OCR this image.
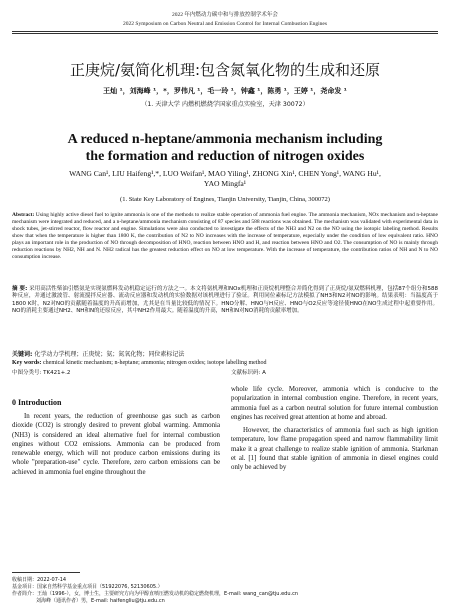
2022 年内燃动力碳中和与排放控制学术年会
2022 Symposium on Carbon Neutral and Emission Control for Internal Combustion Engines
正庚烷/氨简化机理:包含氮氧化物的生成和还原
王灿 ¹，刘海峰 ¹，*，罗伟凡 ¹，毛一玲 ¹，钟鑫 ¹，陈勇 ¹，王婷 ¹，尧命发 ¹
（1. 天津大学 内燃机燃烧学国家重点实验室，天津 30072）
A reduced n-heptane/ammonia mechanism including
the formation and reduction of nitrogen oxides
WANG Can¹, LIU Haifeng¹,*, LUO Weifan¹, MAO Yiling¹, ZHONG Xin¹, CHEN Yong¹, WANG Hu¹, YAO Mingfa¹
(1. State Key Laboratory of Engines, Tianjin University, Tianjin, China, 300072)
Abstract: Using highly active diesel fuel to ignite ammonia is one of the methods to realize stable operation of ammonia fuel engine. The ammonia mechanism, NOx mechanism and n-heptane mechanism were integrated and reduced, and a n-heptane/ammonia mechanism consisting of 87 species and 588 reactions was obtained. The mechanism was validated with experimental data in shock tubes, jet-stirred reactor, flow reactor and engine. Simulations were also conducted to investigate the effects of the NH3 and N2 on the NO using the isotopic labeling method. Results show that when the temperature is higher than 1800 K, the contribution of N2 to NO increases with the increase of temperature, especially under the condition of low equivalent ratio. HNO plays an important role in the production of NO through decomposition of HNO, reaction between HNO and H, and reaction between HNO and O2. The consumption of NO is mainly through reduction reactions by NH2, NH and N. NH2 radical has the greatest reduction effect on NO at low temperature. With the increase of temperature, the contribution ratios of NH and N to NO consumption increase.
摘 要: 采用高活性柴油引燃氨是实现氨燃料发动机稳定运行的方法之一。本文将氨机理和NOx机理和正庚烷机理整合并简化得到了正庚烷/氨双燃料机理，包括87个组分和588种反应，并通过激波管、射流搅拌反应器、流动反应器和发动机的实验数据对该机理进行了验证。利用同位素标记方法模拟了NH3和N2对NO的影响。结果表明：当温度高于1800 K时，N2对NO的贡献随着温度的升高而增加，尤其是在当量比较低的情况下。HNO分解、HNO与H反应、HNO与O2反应等途径使HNO在NO生成过程中起重要作用。NO的消耗主要通过NH2、NH和N的还原反应，其中NH2作用最大。随着温度的升高，NH和N对NO消耗的贡献率增加。
关键词: 化学动力学机理；正庚烷；氨；氮氧化物；同位素标记法
Key words: chemical kinetic mechanism; n-heptane; ammonia; nitrogen oxides; isotope labelling method
中图分类号: TK421+.2	文献标识码: A
0 Introduction

In recent years, the reduction of greenhouse gas such as carbon dioxide (CO2) is strongly desired to prevent global warming. Ammonia (NH3) is considered an ideal alternative fuel for internal combustion engines without CO2 emissions. Ammonia can be produced from renewable energy, which will not produce carbon emissions during its whole "preparation-use" cycle. Therefore, zero carbon emissions can be achieved in ammonia fuel engine throughout the

whole life cycle. Moreover, ammonia which is conducive to the popularization in internal combustion engine. Therefore, in recent years, ammonia fuel as a carbon neutral solution for future internal combustion engines has received great attention at home and abroad.

However, the characteristics of ammonia fuel such as high ignition temperature, low flame propagation speed and narrow flammability limit make it a great challenge to realize stable ignition of ammonia. Starkman et al. [1] found that stable ignition of ammonia in diesel engines could only be achieved by

收稿日期：2022-07-14
基金项目：国家自然科学基金重点项目（51922076, 52130605.）
作者简介：王灿（1996-），女，博士生，主要研究方向为甲醇直喷压燃发动机的稳定燃烧机理，E-mail: wang_can@tju.edu.cn
刘海峰（通讯作者）男，E-mail: haifengliu@tju.edu.cn
